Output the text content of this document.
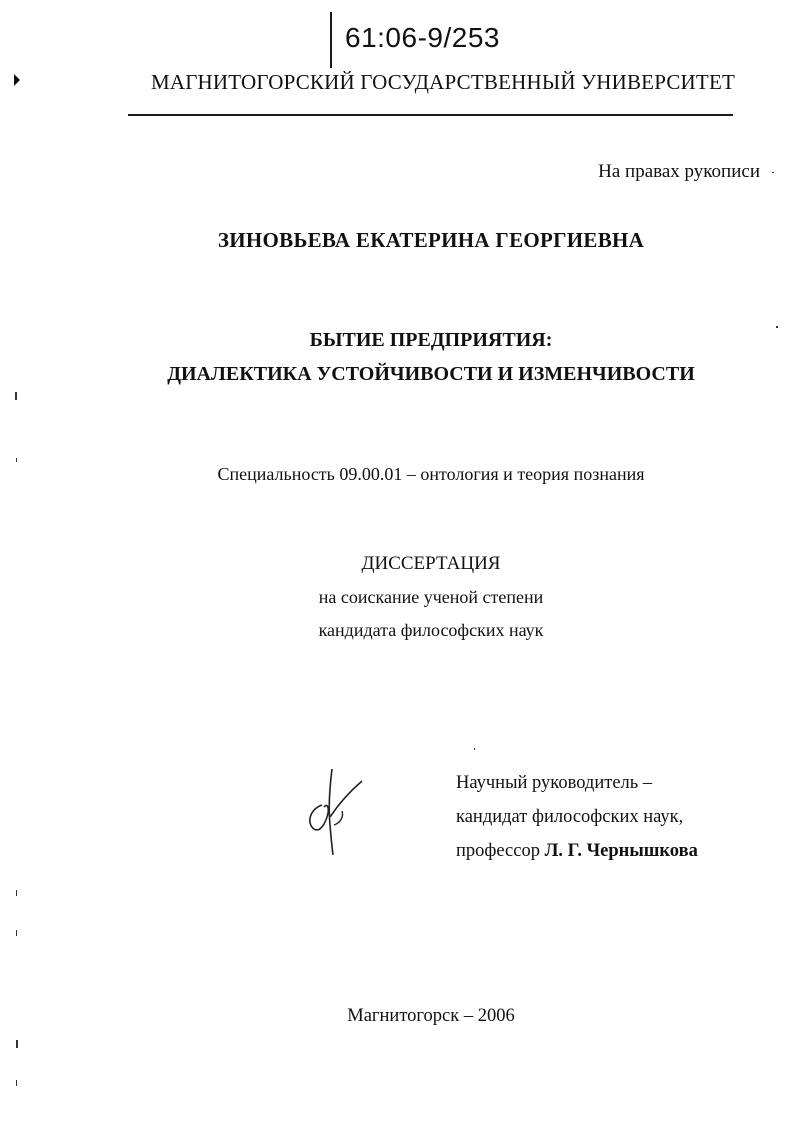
61:06-9/253
МАГНИТОГОРСКИЙ ГОСУДАРСТВЕННЫЙ УНИВЕРСИТЕТ
На правах рукописи
ЗИНОВЬЕВА ЕКАТЕРИНА ГЕОРГИЕВНА
БЫТИЕ ПРЕДПРИЯТИЯ:
ДИАЛЕКТИКА УСТОЙЧИВОСТИ И ИЗМЕНЧИВОСТИ
Специальность 09.00.01 – онтология и теория познания
ДИССЕРТАЦИЯ
на соискание ученой степени
кандидата философских наук
Научный руководитель –
кандидат философских наук,
профессор Л. Г. Чернышкова
Магнитогорск – 2006
